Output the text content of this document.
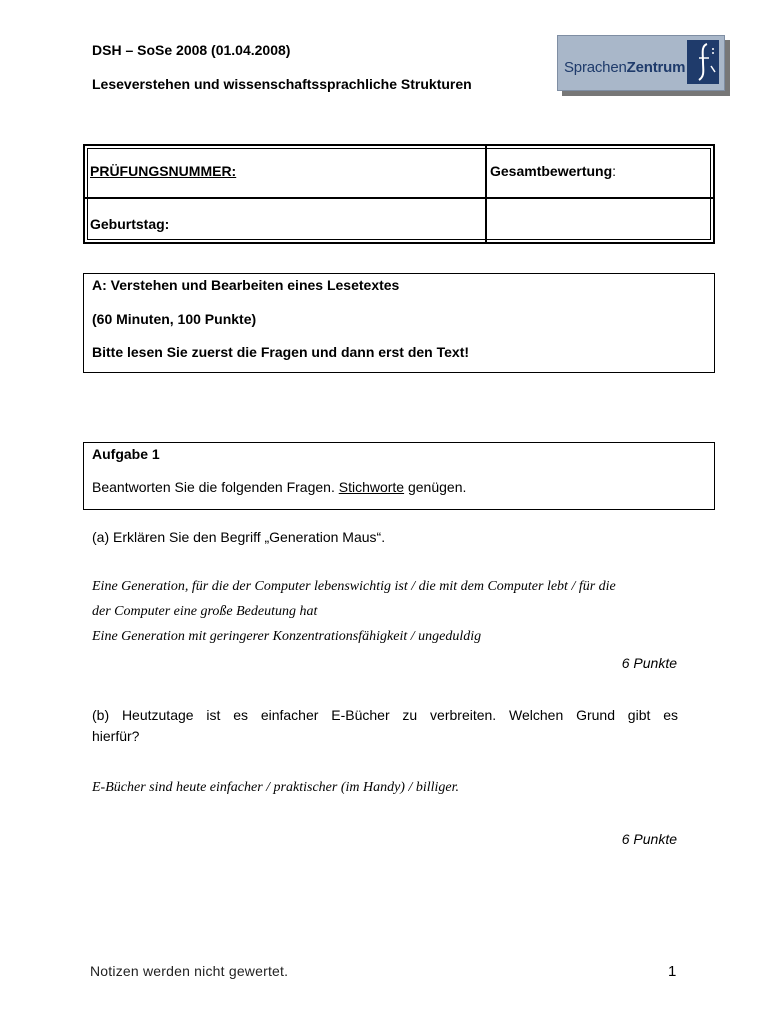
DSH – SoSe 2008 (01.04.2008)
Leseverstehen und wissenschaftssprachliche Strukturen
SprachenZentrum
PRÜFUNGSNUMMER:	Gesamtbewertung:
Geburtstag:
A: Verstehen und Bearbeiten eines Lesetextes
(60 Minuten, 100 Punkte)
Bitte lesen Sie zuerst die Fragen und dann erst den Text!
Aufgabe 1
Beantworten Sie die folgenden Fragen. Stichworte genügen.
(a) Erklären Sie den Begriff „Generation Maus“.
Eine Generation, für die der Computer lebenswichtig ist / die mit dem Computer lebt / für die
der Computer eine große Bedeutung hat
Eine Generation mit geringerer Konzentrationsfähigkeit / ungeduldig
6 Punkte
(b) Heutzutage ist es einfacher E-Bücher zu verbreiten. Welchen Grund gibt es
hierfür?
E-Bücher sind heute einfacher / praktischer (im Handy) / billiger.
6 Punkte
Notizen werden nicht gewertet.	1
